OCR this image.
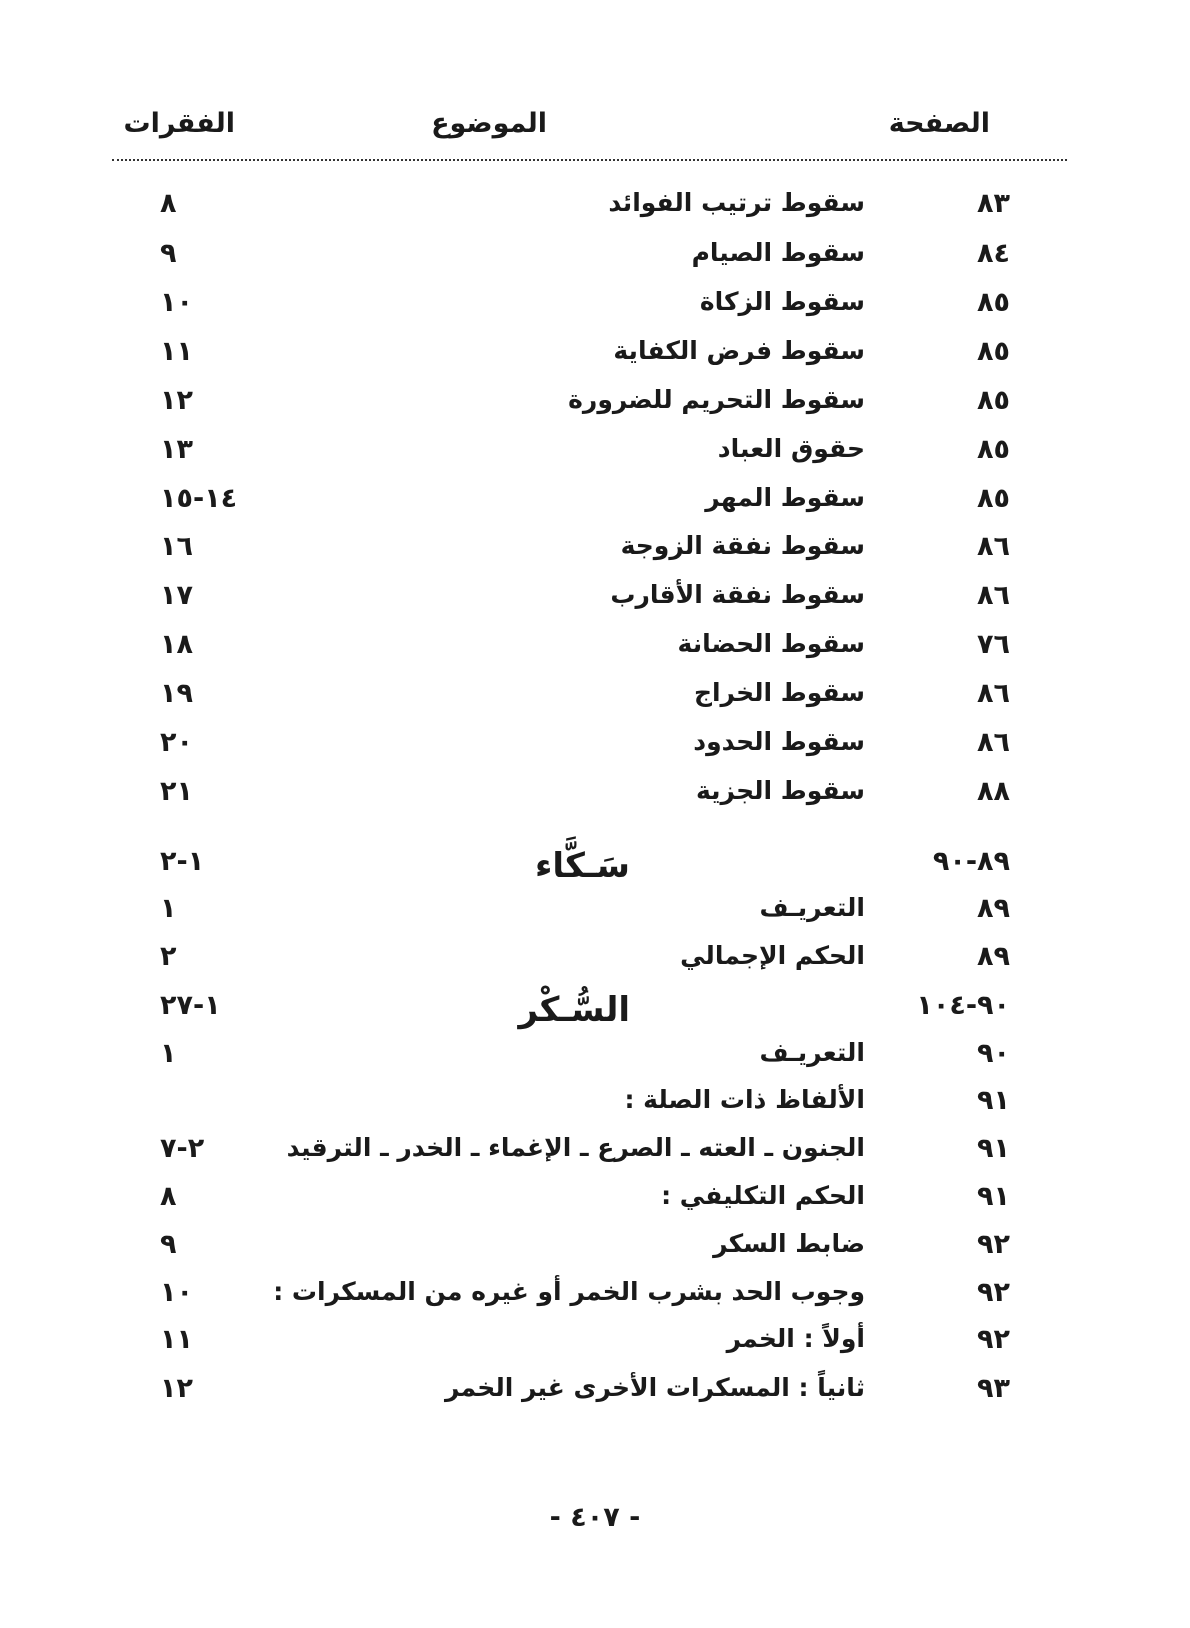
الصفحة
الموضوع
الفقرات
٨٣
سقوط ترتيب الفوائد
٨
٨٤
سقوط الصيام
٩
٨٥
سقوط الزكاة
١٠
٨٥
سقوط فرض الكفاية
١١
٨٥
سقوط التحريم للضرورة
١٢
٨٥
حقوق العباد
١٣
٨٥
سقوط المهر
١٤-١٥
٨٦
سقوط نفقة الزوجة
١٦
٨٦
سقوط نفقة الأقارب
١٧
٧٦
سقوط الحضانة
١٨
٨٦
سقوط الخراج
١٩
٨٦
سقوط الحدود
٢٠
٨٨
سقوط الجزية
٢١
٨٩-٩٠
سَـكَّاء
١-٢
٨٩
التعريـف
١
٨٩
الحكم الإجمالي
٢
٩٠-١٠٤
السُّـكْر
١-٢٧
٩٠
التعريـف
١
٩١
الألفاظ ذات الصلة :
٩١
الجنون ـ العته ـ الصرع ـ الإغماء ـ الخدر ـ الترقيد
٢-٧
٩١
الحكم التكليفي :
٨
٩٢
ضابط السكر
٩
٩٢
وجوب الحد بشرب الخمر أو غيره من المسكرات :
١٠
٩٢
أولاً : الخمر
١١
٩٣
ثانياً : المسكرات الأخرى غير الخمر
١٢
- ٤٠٧ -
